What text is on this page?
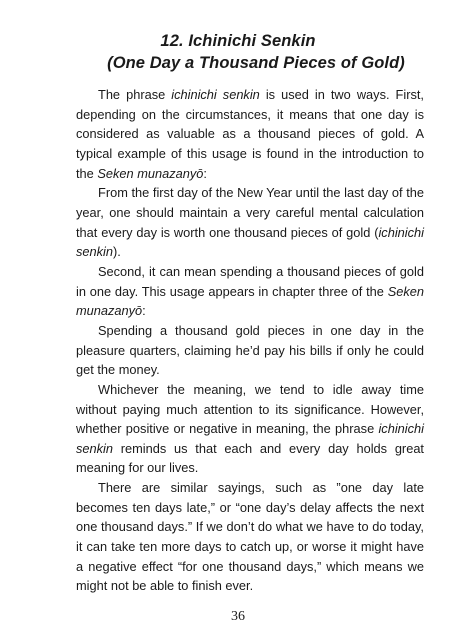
12. Ichinichi Senkin
(One Day a Thousand Pieces of Gold)

The phrase ichinichi senkin is used in two ways. First, depending on the circumstances, it means that one day is considered as valuable as a thousand pieces of gold. A typical example of this usage is found in the introduction to the Seken munazanyō:

From the first day of the New Year until the last day of the year, one should maintain a very careful mental calculation that every day is worth one thousand pieces of gold (ichinichi senkin).

Second, it can mean spending a thousand pieces of gold in one day. This usage appears in chapter three of the Seken munazanyō:

Spending a thousand gold pieces in one day in the pleasure quarters, claiming he’d pay his bills if only he could get the money.

Whichever the meaning, we tend to idle away time without paying much attention to its significance. However, whether positive or negative in meaning, the phrase ichinichi senkin reminds us that each and every day holds great meaning for our lives.

There are similar sayings, such as ”one day late becomes ten days late,” or “one day’s delay affects the next one thousand days.” If we don’t do what we have to do today, it can take ten more days to catch up, or worse it might have a negative effect “for one thousand days,” which means we might not be able to finish ever.

36
